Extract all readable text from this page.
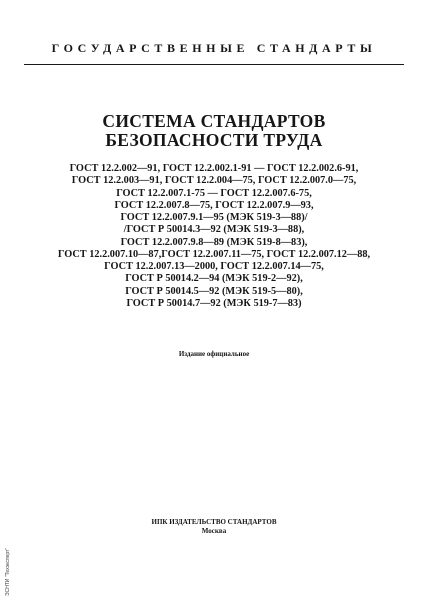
ГОСУДАРСТВЕННЫЕ СТАНДАРТЫ
СИСТЕМА СТАНДАРТОВ
БЕЗОПАСНОСТИ ТРУДА
ГОСТ 12.2.002—91, ГОСТ 12.2.002.1-91 — ГОСТ 12.2.002.6-91,
ГОСТ 12.2.003—91, ГОСТ 12.2.004—75, ГОСТ 12.2.007.0—75,
ГОСТ 12.2.007.1-75 — ГОСТ 12.2.007.6-75,
ГОСТ 12.2.007.8—75, ГОСТ 12.2.007.9—93,
ГОСТ 12.2.007.9.1—95 (МЭК 519-3—88)/
/ГОСТ Р 50014.3—92 (МЭК 519-3—88),
ГОСТ 12.2.007.9.8—89 (МЭК 519-8—83),
ГОСТ 12.2.007.10—87,ГОСТ 12.2.007.11—75, ГОСТ 12.2.007.12—88,
ГОСТ 12.2.007.13—2000, ГОСТ 12.2.007.14—75,
ГОСТ Р 50014.2—94 (МЭК 519-2—92),
ГОСТ Р 50014.5—92 (МЭК 519-5—80),
ГОСТ Р 50014.7—92 (МЭК 519-7—83)
Издание официальное
ИПК ИЗДАТЕЛЬСТВО СТАНДАРТОВ
Москва
ЭСНТИ "Техэксперт"
